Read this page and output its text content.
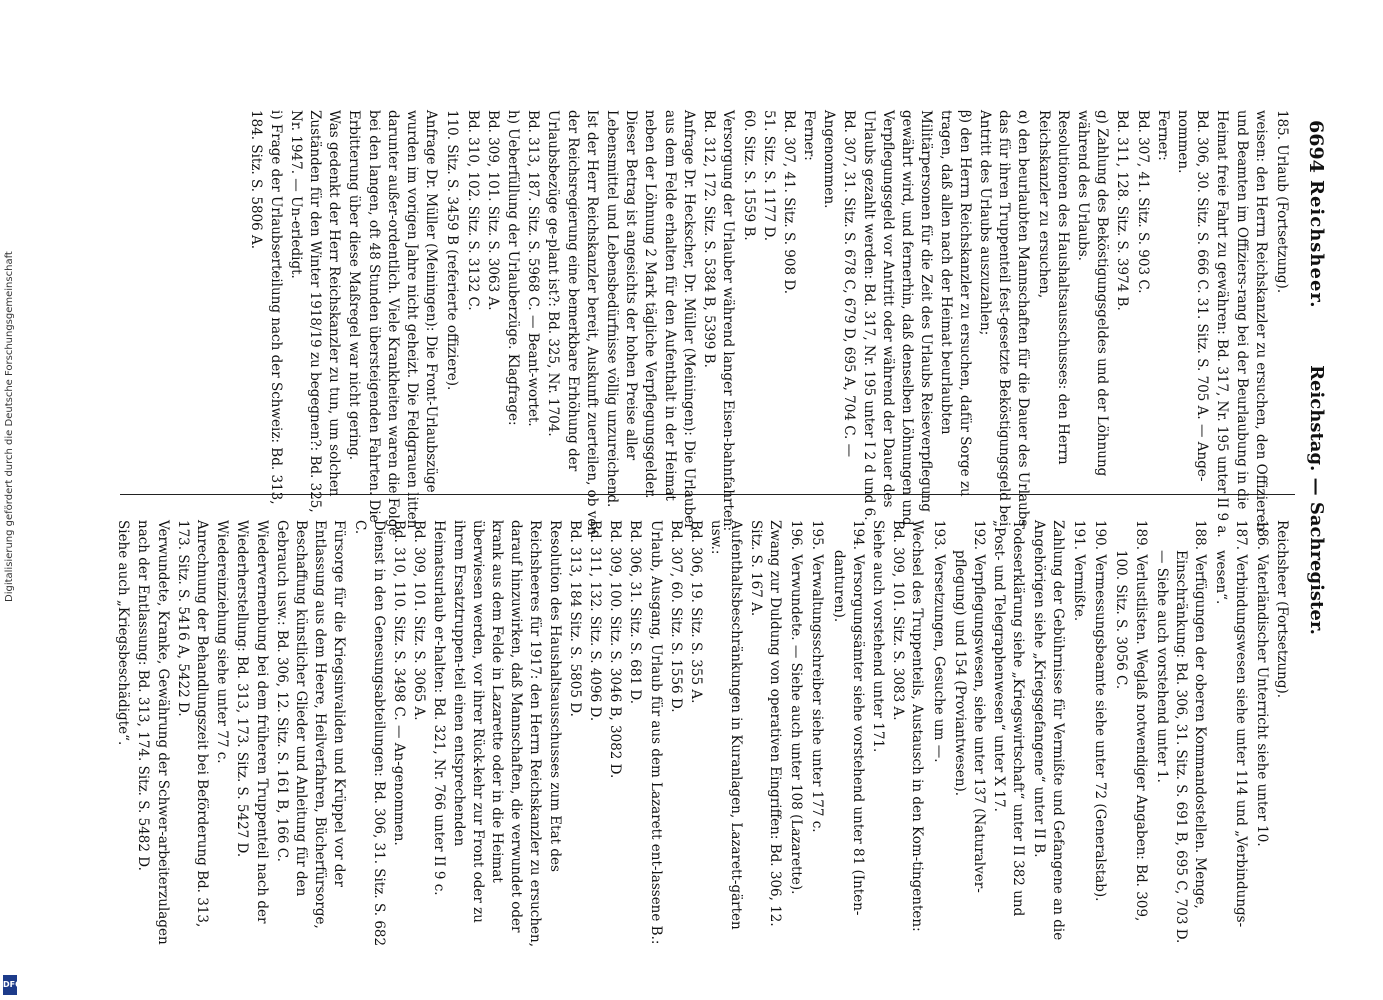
6694
Reichsheer.
Reichstag. — Sachregister.

185. Urlaub (Fortsetzung).

weisen: den Herrn Reichskanzler zu ersuchen, den Offizieren und Beamten im Offiziers-rang bei der Beurlaubung in die Heimat freie Fahrt zu gewähren: Bd. 317, Nr. 195 unter II 9 a.

Bd. 306, 30. Sitz. S. 666 C. 31. Sitz. S. 705 A. — Ange-nommen.

Ferner:

Bd. 307, 41. Sitz. S. 903 C.

Bd. 311, 128. Sitz. S. 3974 B.

g) Zahlung des Beköstigungsgeldes und der Löhnung während des Urlaubs.

Resolutionen des Haushaltsausschusses: den Herrn Reichskanzler zu ersuchen,

α) den beurlaubten Mannschaften für die Dauer des Urlaubs das für ihren Truppenteil fest-gesetzte Beköstigungsgeld bei Antritt des Urlaubs auszuzahlen;

β) den Herrn Reichskanzler zu ersuchen, dafür Sorge zu tragen, daß allen nach der Heimat beurlaubten Militärpersonen für die Zeit des Urlaubs Reiseverpflegung gewährt wird, und fernerhin, daß denselben Löhnungen und Verpflegungsgeld vor Antritt oder während der Dauer des Urlaubs gezahlt werden: Bd. 317, Nr. 195 unter I 2 d und 6.

Bd. 307, 31. Sitz. S. 678 C, 679 D, 695 A, 704 C. — Angenommen.

Ferner:

Bd. 307, 41. Sitz. S. 908 D.

51. Sitz. S. 1177 D.

60. Sitz. S. 1559 B.

Versorgung der Urlauber während langer Eisen-bahnfahrten: Bd. 312, 172. Sitz. S. 5384 B, 5399 B.

Anfrage Dr. Heckscher, Dr. Müller (Meiningen): Die Urlauber aus dem Felde erhalten für den Aufenthalt in der Heimat neben der Löhnung 2 Mark tägliche Verpflegungsgelder. Dieser Betrag ist angesichts der hohen Preise aller Lebensmittel und Lebensbedürfnisse völlig unzureichend.

Ist der Herr Reichskanzler bereit, Auskunft zuerteilen, ob von der Reichsregierung eine bemerkbare Erhöhung der Urlaubsbezüge ge-plant ist?: Bd. 325, Nr. 1704.

Bd. 313, 187. Sitz. S. 5968 C. — Beant-wortet.

h) Ueberfüllung der Urlauberzüge. Klagfrage:

Bd. 309, 101. Sitz. S. 3063 A.

Bd. 310, 102. Sitz. S. 3132 C.

110. Sitz. S. 3459 B (referierte offiziere).

Anfrage Dr. Müller (Meiningen): Die Front-Urlaubszüge wurden im vorigen Jahre nicht geheizt. Die Feldgrauen litten darunter außer-ordentlich. Viele Krankheiten waren die Folge bei den langen, oft 48 Stunden übersteigenden Fahrten. Die Erbitterung über diese Maßregel war nicht gering.

Was gedenkt der Herr Reichskanzler zu tun, um solchen Zuständen für den Winter 1918/19 zu begegnen?: Bd. 325, Nr. 1947. — Un-erledigt.

i) Frage der Urlaubserteilung nach der Schweiz: Bd. 313, 184. Sitz. S. 5806 A.

Reichsheer (Fortsetzung).

186. Vaterländischer Unterricht siehe unter 10.

187. Verbindungswesen siehe unter 114 und „Verbindungs-wesen“.

188. Verfügungen der oberen Kommandostellen. Menge, Einschränkung: Bd. 306, 31. Sitz. S. 691 B, 695 C, 703 D. — Siehe auch vorstehend unter 1.

189. Verlustlisten. Weglaß notwendiger Angaben: Bd. 309, 100. Sitz. S. 3056 C.

190. Vermessungsbeamte siehe unter 72 (Generalstab).

191. Vermißte.

Zahlung der Gebührnisse für Vermißte und Gefangene an die Angehörigen siehe „Kriegsgefangene“ unter II B.

Todeserklärung siehe „Kriegswirtschaft“ unter II 382 und „Post- und Telegraphenwesen“ unter X 17.

192. Verpflegungswesen, siehe unter 137 (Naturalver-pflegung) und 154 (Proviantwesen).

193. Versetzungen, Gesuche um —.

Wechsel des Truppenteils, Austausch in den Kom-tingenten: Bd. 309, 101. Sitz. S. 3083 A.

Siehe auch vorstehend unter 171.

194. Versorgungsämter siehe vorstehend unter 81 (Inten-danturen).

195. Verwaltungsschreiber siehe unter 177 c.

196. Verwundete. — Siehe auch unter 108 (Lazarette).

Zwang zur Duldung von operativen Eingriffen: Bd. 306, 12. Sitz. S. 167 A.

Aufenthaltsbeschränkungen in Kuranlagen, Lazarett-gärten usw.:

Bd. 306, 19. Sitz. S. 355 A.

Bd. 307, 60. Sitz. S. 1556 D.

Urlaub, Ausgang, Urlaub für aus dem Lazarett ent-lassene B.:

Bd. 306, 31. Sitz. S. 681 D.

Bd. 309, 100. Sitz. S. 3046 B, 3082 D.

Bd. 311, 132. Sitz. S. 4096 D.

Bd. 313, 184 Sitz. S. 5805 D.

Resolution des Haushaltsausschusses zum Etat des Reichsheeres für 1917: den Herrn Reichskanzler zu ersuchen, darauf hinzuwirken, daß Mannschaften, die verwundet oder krank aus dem Felde in Lazarette oder in die Heimat überwiesen werden, vor ihrer Rück-kehr zur Front oder zu ihrem Ersatztruppen-teil einen entsprechenden Heimatsurlaub er-halten: Bd. 321, Nr. 766 unter II 9 c.

Bd. 309, 101. Sitz. S. 3065 A.

Bd. 310, 110. Sitz. S. 3498 C. — An-genommen.

Dienst in den Genesungsabteilungen: Bd. 306, 31. Sitz. S. 682 C.

Fürsorge für die Kriegsinvaliden und Krüppel vor der Entlassung aus dem Heere, Heilverfahren, Bücherfürsorge, Beschaffung künstlicher Glieder und Anleitung für den Gebrauch usw.: Bd. 306, 12. Sitz. S. 161 B, 166 C.

Wiedervernenbung bei dem früheren Truppenteil nach der Wiederherstellung: Bd. 313, 173. Sitz. S. 5427 D.

Wiedereinziehung siehe unter 77 c.

Anrechnung der Behandlungszeit bei Beförderung Bd. 313, 173. Sitz. S. 5416 A, 5422 D.

Verwundete, Kranke, Gewährung der Schwer-arbeiterzulagen nach der Entlassung: Bd. 313, 174. Sitz. S. 5482 D.

Siehe auch „Kriegsbeschädigte“.

Digitalisierung gefördert durch die Deutsche Forschungsgemeinschaft
DFG
